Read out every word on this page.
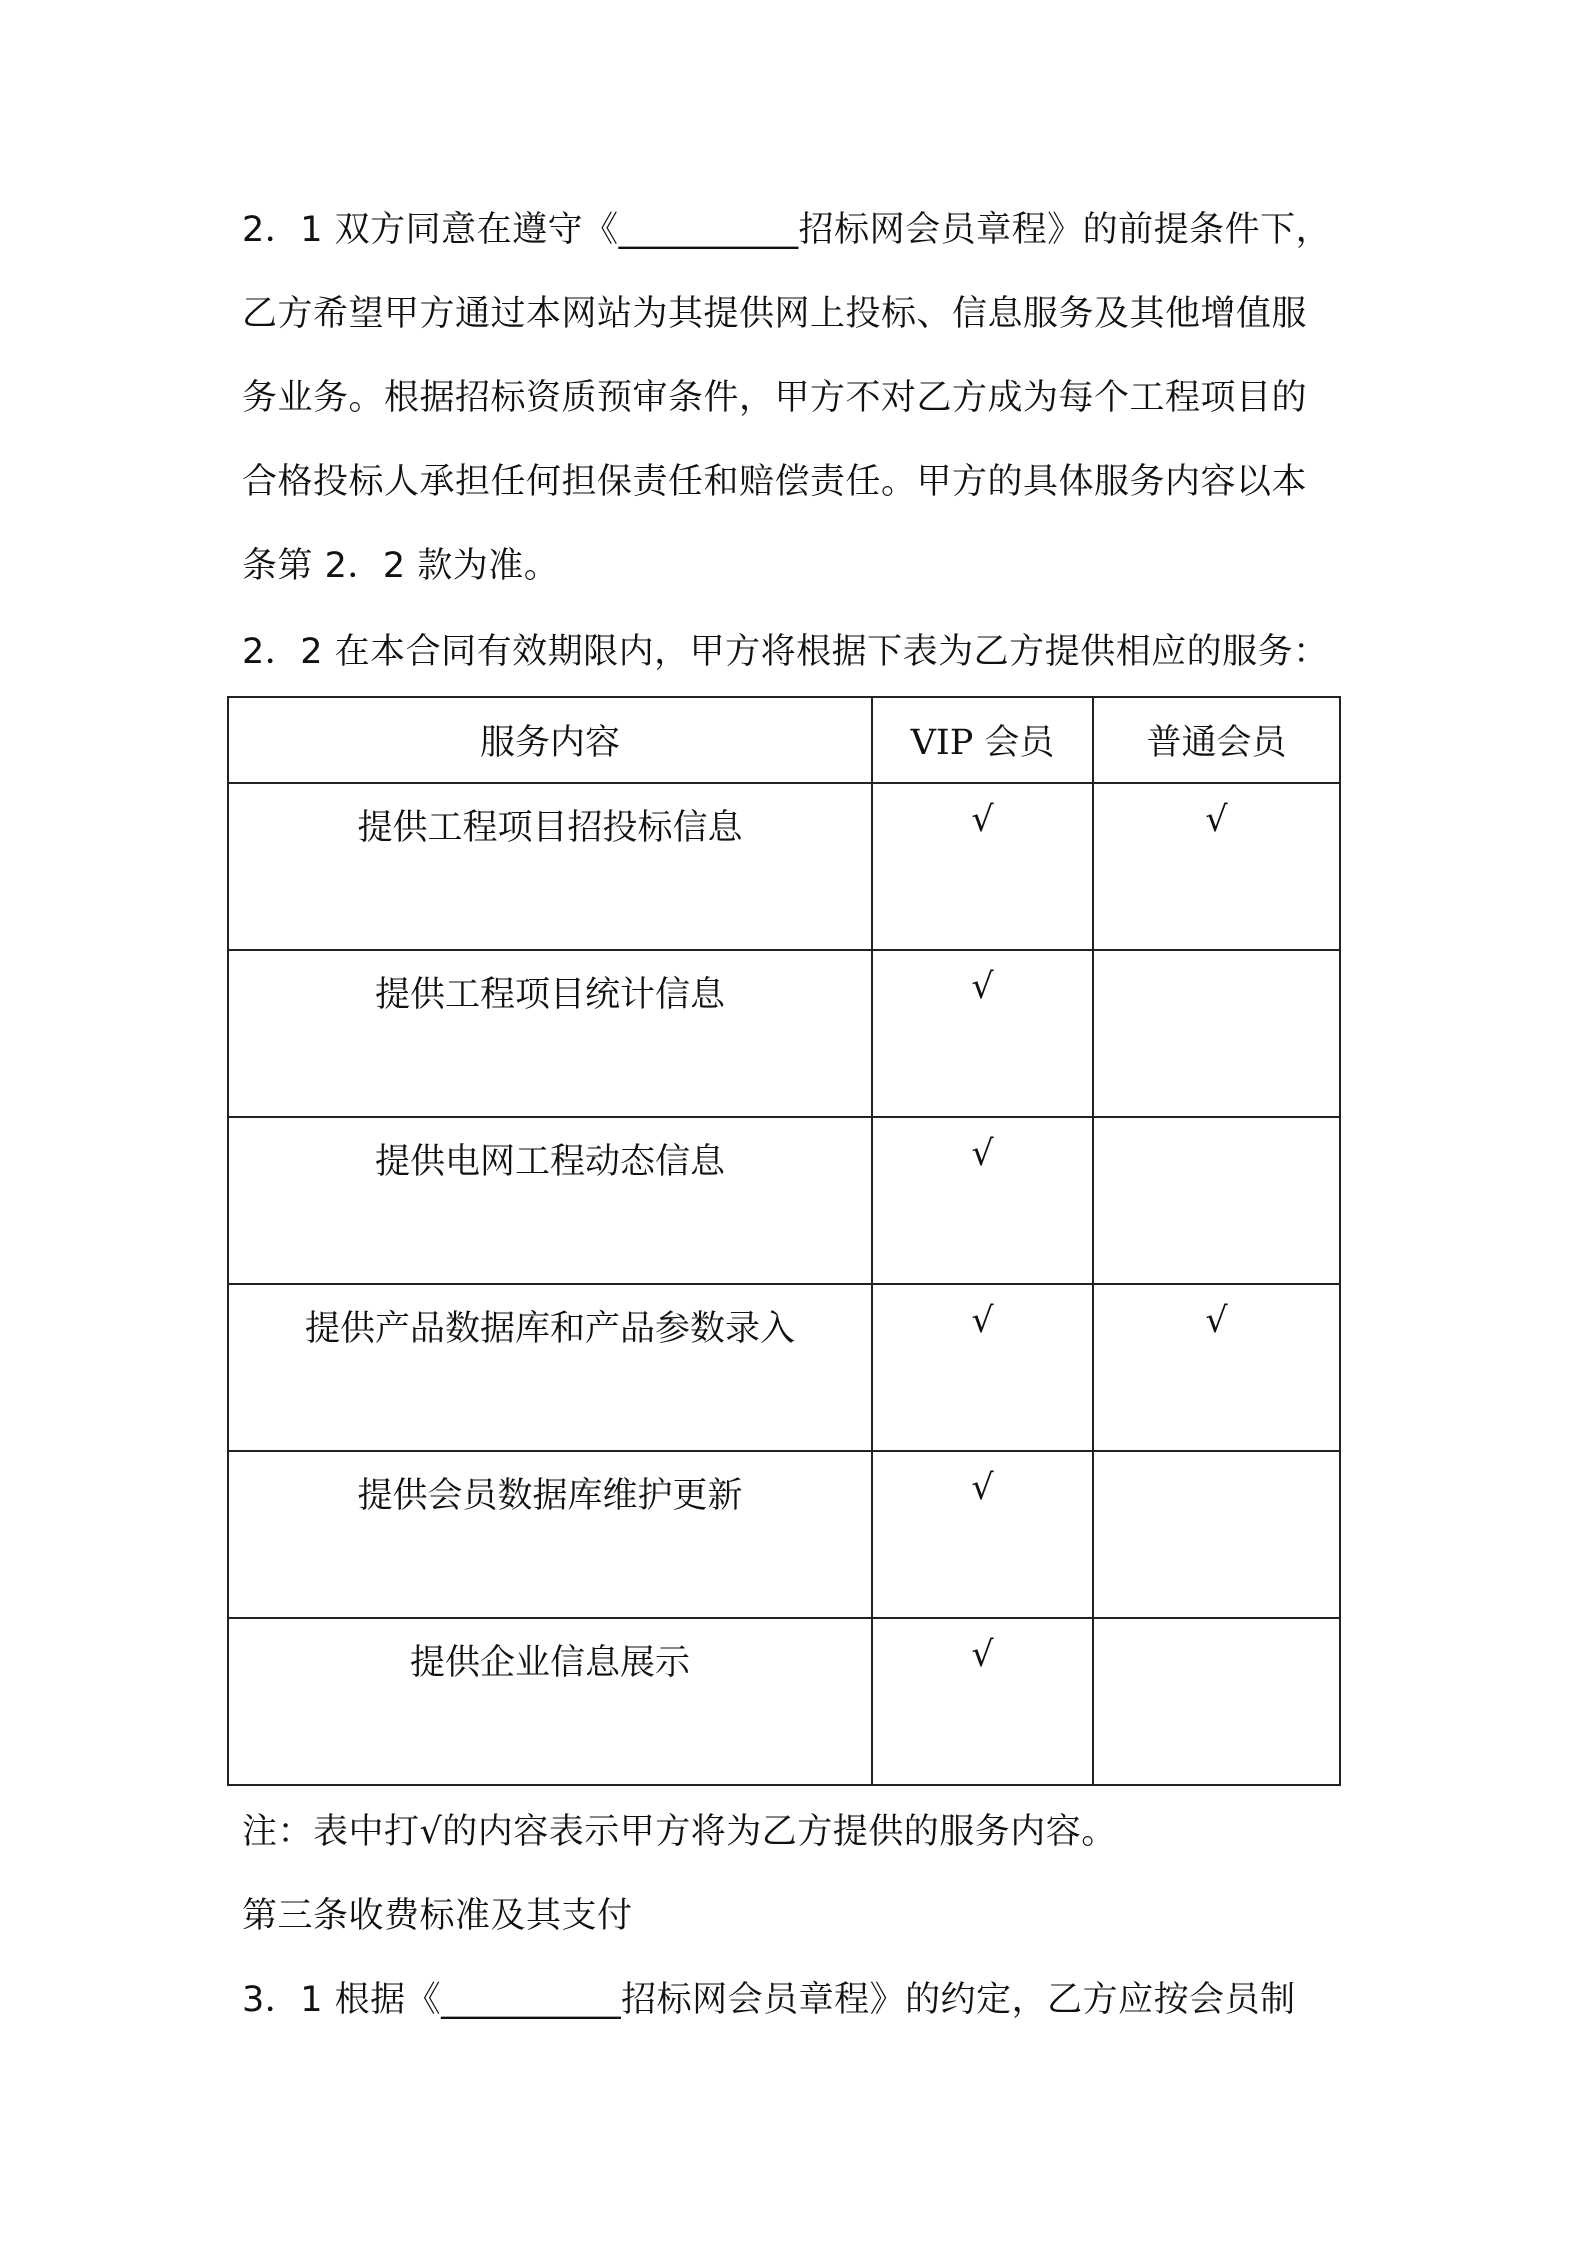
2．1 双方同意在遵守《__________招标网会员章程》的前提条件下，
乙方希望甲方通过本网站为其提供网上投标、信息服务及其他增值服
务业务。根据招标资质预审条件，甲方不对乙方成为每个工程项目的
合格投标人承担任何担保责任和赔偿责任。甲方的具体服务内容以本
条第 2．2 款为准。

2．2 在本合同有效期限内，甲方将根据下表为乙方提供相应的服务：

服务内容	VIP 会员	普通会员
提供工程项目招投标信息	√	√
提供工程项目统计信息	√	
提供电网工程动态信息	√	
提供产品数据库和产品参数录入	√	√
提供会员数据库维护更新	√	
提供企业信息展示	√	

注：表中打√的内容表示甲方将为乙方提供的服务内容。

第三条收费标准及其支付

3．1 根据《__________招标网会员章程》的约定，乙方应按会员制
